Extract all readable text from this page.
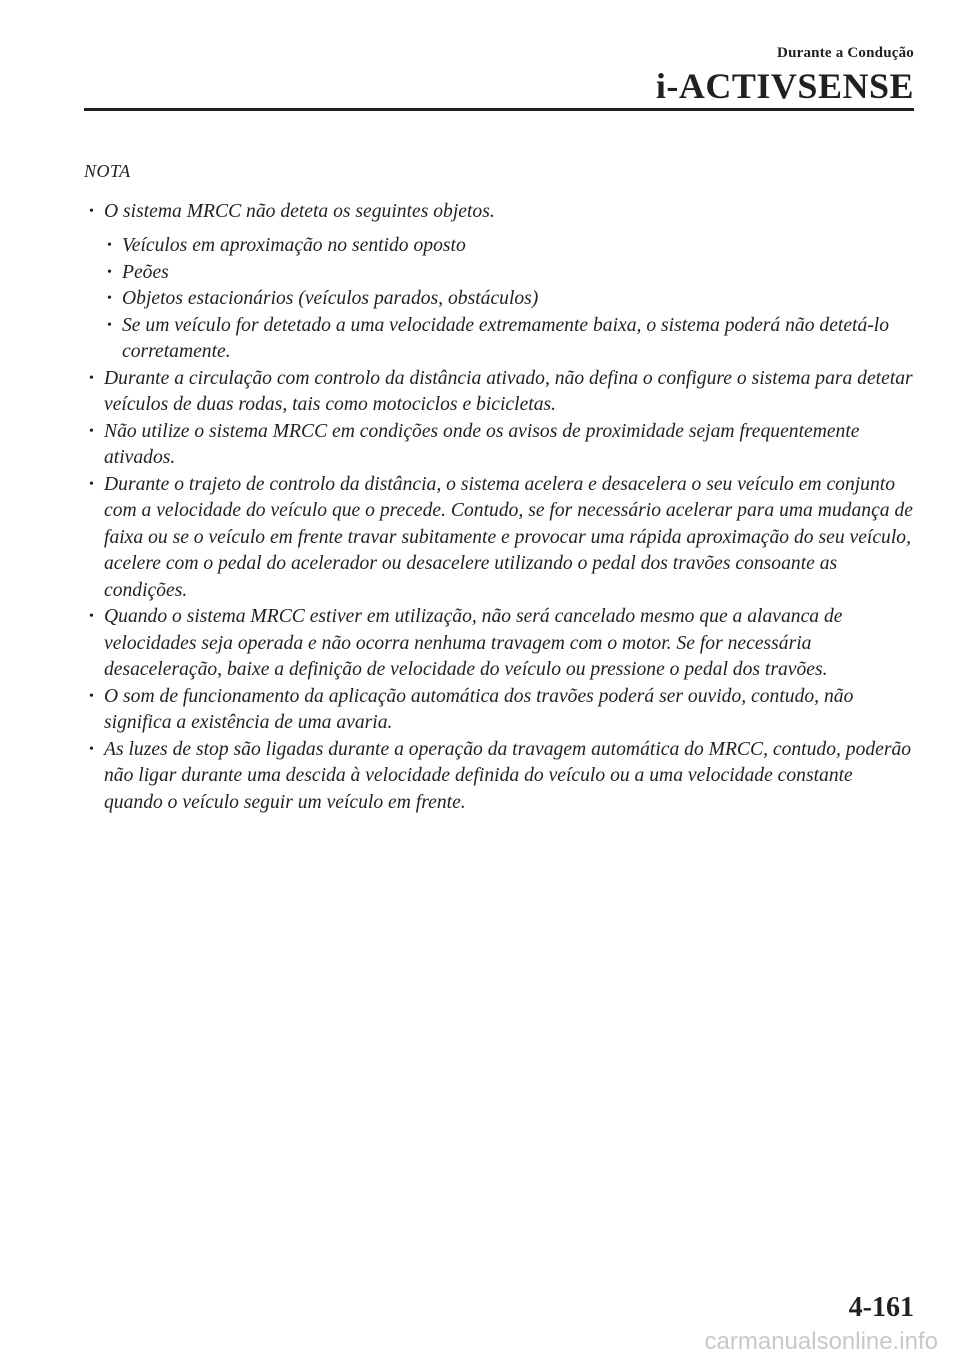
Durante a Condução
i-ACTIVSENSE
NOTA
• O sistema MRCC não deteta os seguintes objetos.
• Veículos em aproximação no sentido oposto
• Peões
• Objetos estacionários (veículos parados, obstáculos)
• Se um veículo for detetado a uma velocidade extremamente baixa, o sistema poderá não detetá-lo corretamente.
• Durante a circulação com controlo da distância ativado, não defina o configure o sistema para detetar veículos de duas rodas, tais como motociclos e bicicletas.
• Não utilize o sistema MRCC em condições onde os avisos de proximidade sejam frequentemente ativados.
• Durante o trajeto de controlo da distância, o sistema acelera e desacelera o seu veículo em conjunto com a velocidade do veículo que o precede. Contudo, se for necessário acelerar para uma mudança de faixa ou se o veículo em frente travar subitamente e provocar uma rápida aproximação do seu veículo, acelere com o pedal do acelerador ou desacelere utilizando o pedal dos travões consoante as condições.
• Quando o sistema MRCC estiver em utilização, não será cancelado mesmo que a alavanca de velocidades seja operada e não ocorra nenhuma travagem com o motor. Se for necessária desaceleração, baixe a definição de velocidade do veículo ou pressione o pedal dos travões.
• O som de funcionamento da aplicação automática dos travões poderá ser ouvido, contudo, não significa a existência de uma avaria.
• As luzes de stop são ligadas durante a operação da travagem automática do MRCC, contudo, poderão não ligar durante uma descida à velocidade definida do veículo ou a uma velocidade constante quando o veículo seguir um veículo em frente.
4-161
carmanualsonline.info
